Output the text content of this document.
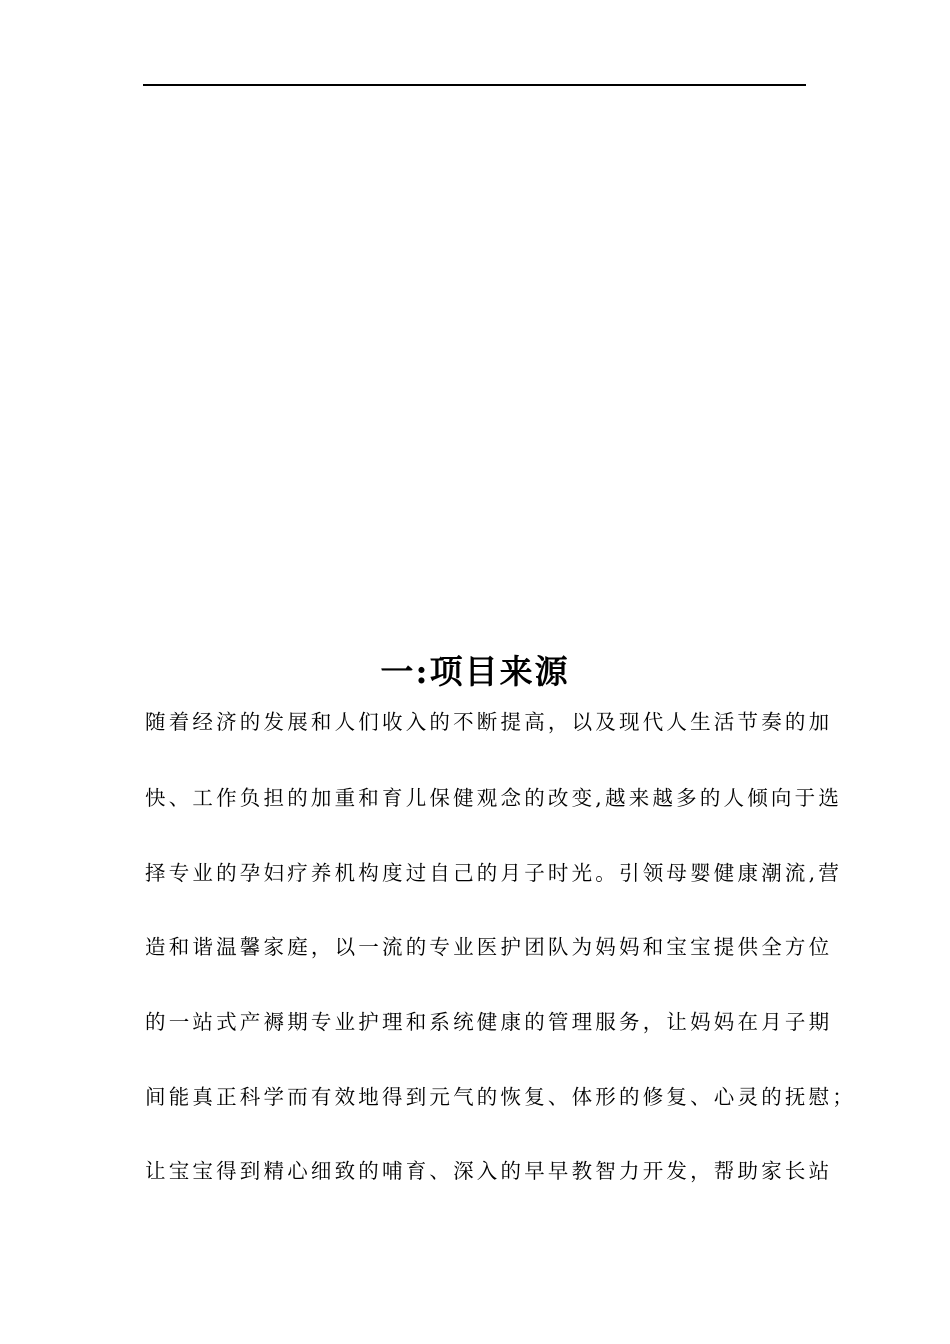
一:项目来源
随着经济的发展和人们收入的不断提高，以及现代人生活节奏的加
快、工作负担的加重和育儿保健观念的改变,越来越多的人倾向于选
择专业的孕妇疗养机构度过自己的月子时光。引领母婴健康潮流,营
造和谐温馨家庭，以一流的专业医护团队为妈妈和宝宝提供全方位
的一站式产褥期专业护理和系统健康的管理服务，让妈妈在月子期
间能真正科学而有效地得到元气的恢复、体形的修复、心灵的抚慰；
让宝宝得到精心细致的哺育、深入的早早教智力开发，帮助家长站
